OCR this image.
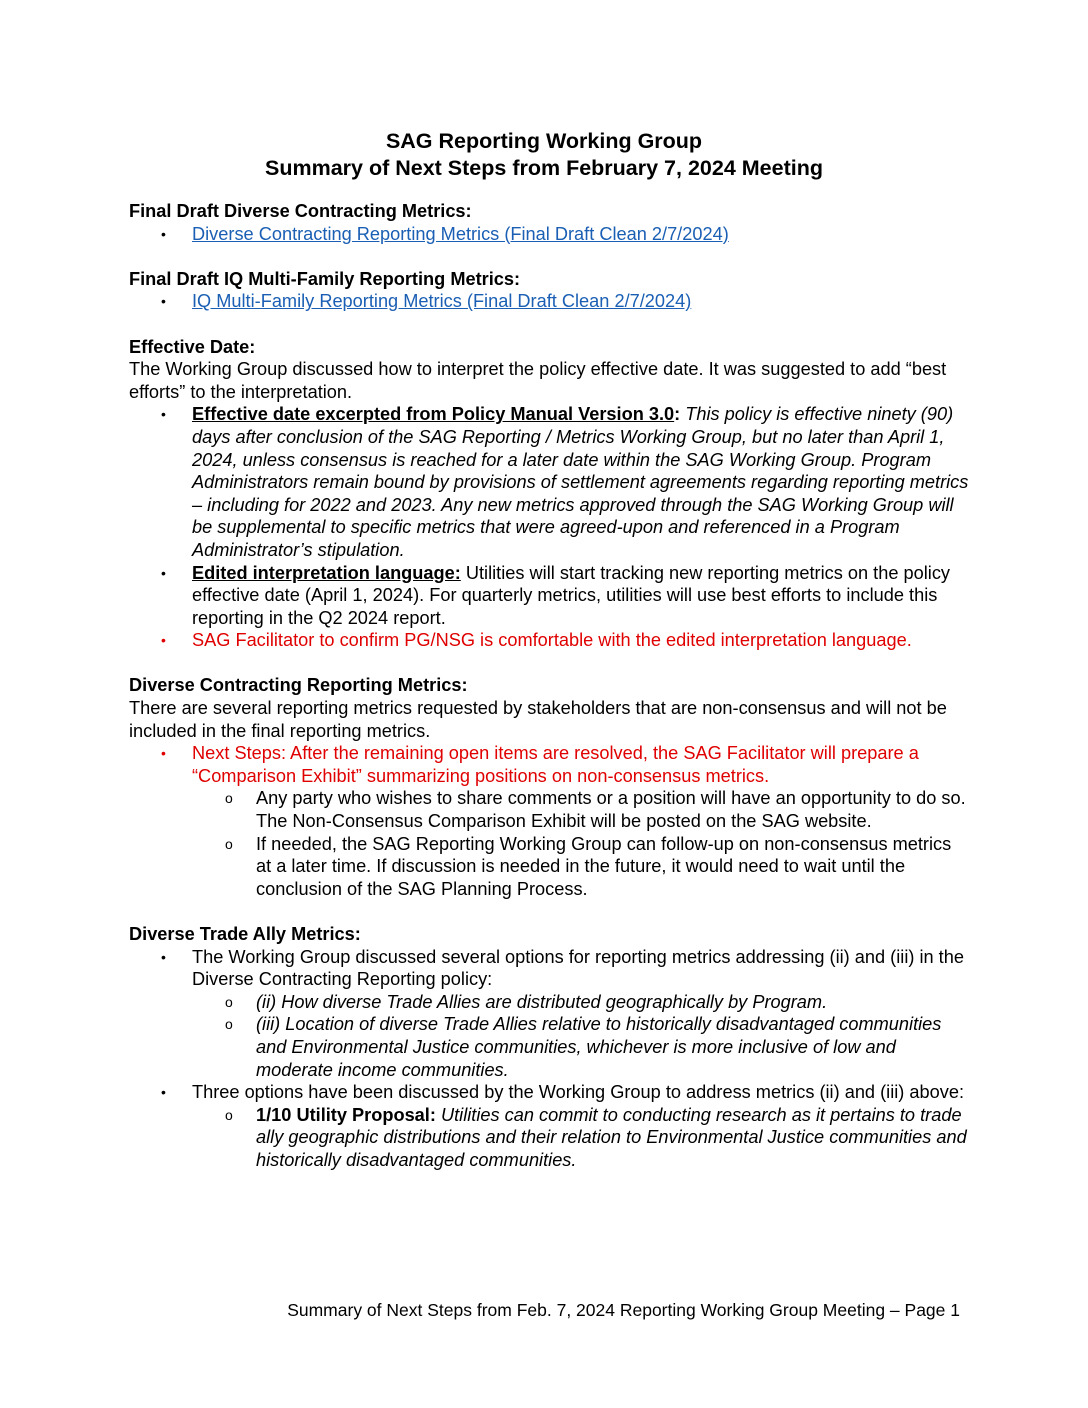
SAG Reporting Working Group
Summary of Next Steps from February 7, 2024 Meeting
Final Draft Diverse Contracting Metrics:
• Diverse Contracting Reporting Metrics (Final Draft Clean 2/7/2024)
Final Draft IQ Multi-Family Reporting Metrics:
• IQ Multi-Family Reporting Metrics (Final Draft Clean 2/7/2024)
Effective Date:
The Working Group discussed how to interpret the policy effective date. It was suggested to add “best efforts” to the interpretation.
• Effective date excerpted from Policy Manual Version 3.0: This policy is effective ninety (90) days after conclusion of the SAG Reporting / Metrics Working Group, but no later than April 1, 2024, unless consensus is reached for a later date within the SAG Working Group. Program Administrators remain bound by provisions of settlement agreements regarding reporting metrics – including for 2022 and 2023. Any new metrics approved through the SAG Working Group will be supplemental to specific metrics that were agreed-upon and referenced in a Program Administrator’s stipulation.
• Edited interpretation language: Utilities will start tracking new reporting metrics on the policy effective date (April 1, 2024). For quarterly metrics, utilities will use best efforts to include this reporting in the Q2 2024 report.
• SAG Facilitator to confirm PG/NSG is comfortable with the edited interpretation language.
Diverse Contracting Reporting Metrics:
There are several reporting metrics requested by stakeholders that are non-consensus and will not be included in the final reporting metrics.
• Next Steps: After the remaining open items are resolved, the SAG Facilitator will prepare a “Comparison Exhibit” summarizing positions on non-consensus metrics.
o Any party who wishes to share comments or a position will have an opportunity to do so. The Non-Consensus Comparison Exhibit will be posted on the SAG website.
o If needed, the SAG Reporting Working Group can follow-up on non-consensus metrics at a later time. If discussion is needed in the future, it would need to wait until the conclusion of the SAG Planning Process.
Diverse Trade Ally Metrics:
• The Working Group discussed several options for reporting metrics addressing (ii) and (iii) in the Diverse Contracting Reporting policy:
o (ii) How diverse Trade Allies are distributed geographically by Program.
o (iii) Location of diverse Trade Allies relative to historically disadvantaged communities and Environmental Justice communities, whichever is more inclusive of low and moderate income communities.
• Three options have been discussed by the Working Group to address metrics (ii) and (iii) above:
o 1/10 Utility Proposal: Utilities can commit to conducting research as it pertains to trade ally geographic distributions and their relation to Environmental Justice communities and historically disadvantaged communities.
Summary of Next Steps from Feb. 7, 2024 Reporting Working Group Meeting – Page 1
